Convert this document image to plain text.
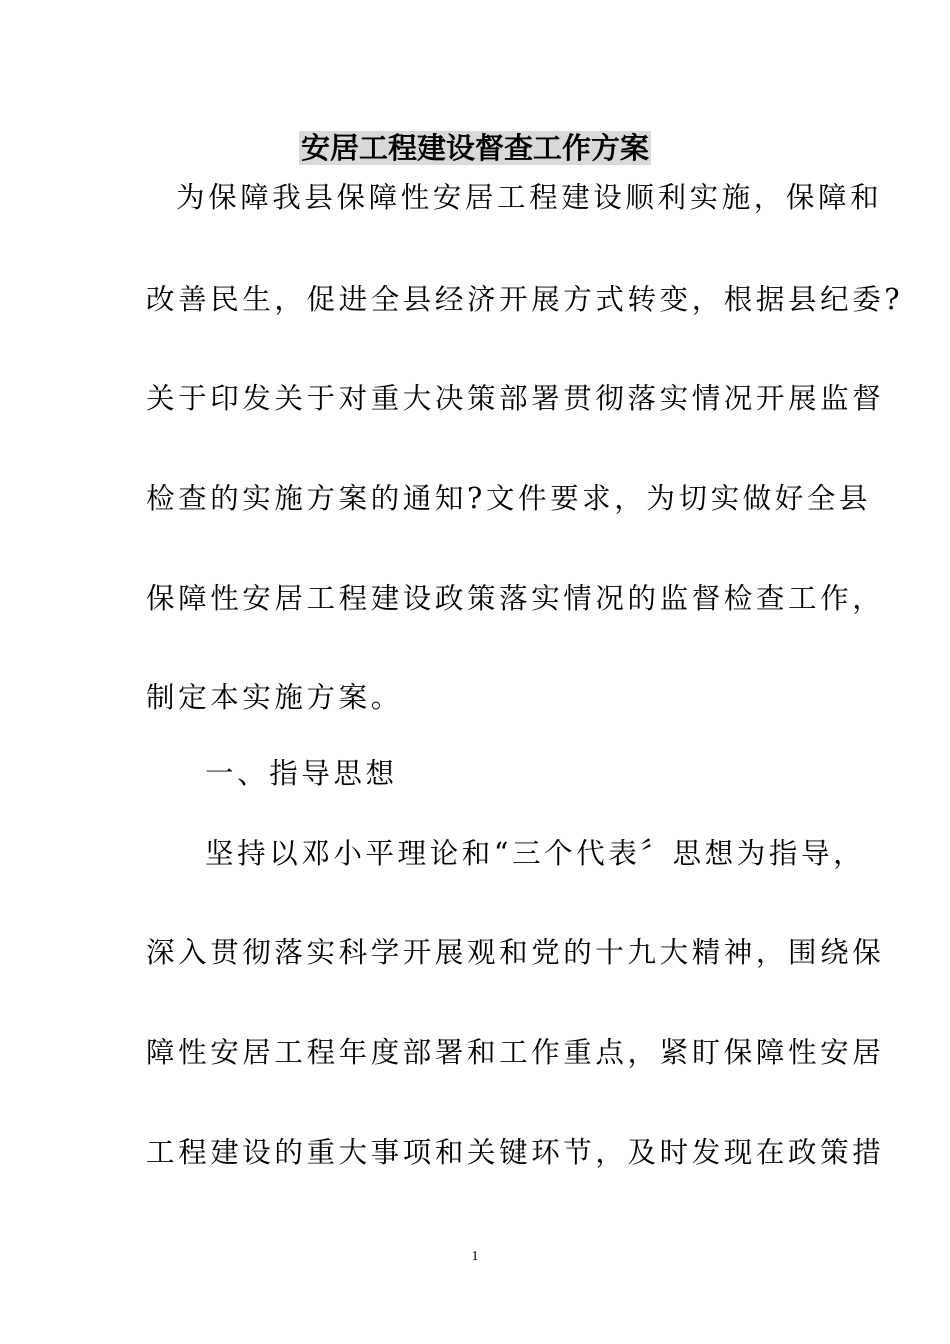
安居工程建设督查工作方案
为保障我县保障性安居工程建设顺利实施，保障和
改善民生，促进全县经济开展方式转变，根据县纪委?
关于印发关于对重大决策部署贯彻落实情况开展监督
检查的实施方案的通知?文件要求，为切实做好全县
保障性安居工程建设政策落实情况的监督检查工作，
制定本实施方案。
一、指导思想
坚持以邓小平理论和“三个代表〞思想为指导，
深入贯彻落实科学开展观和党的十九大精神，围绕保
障性安居工程年度部署和工作重点，紧盯保障性安居
工程建设的重大事项和关键环节，及时发现在政策措
1
